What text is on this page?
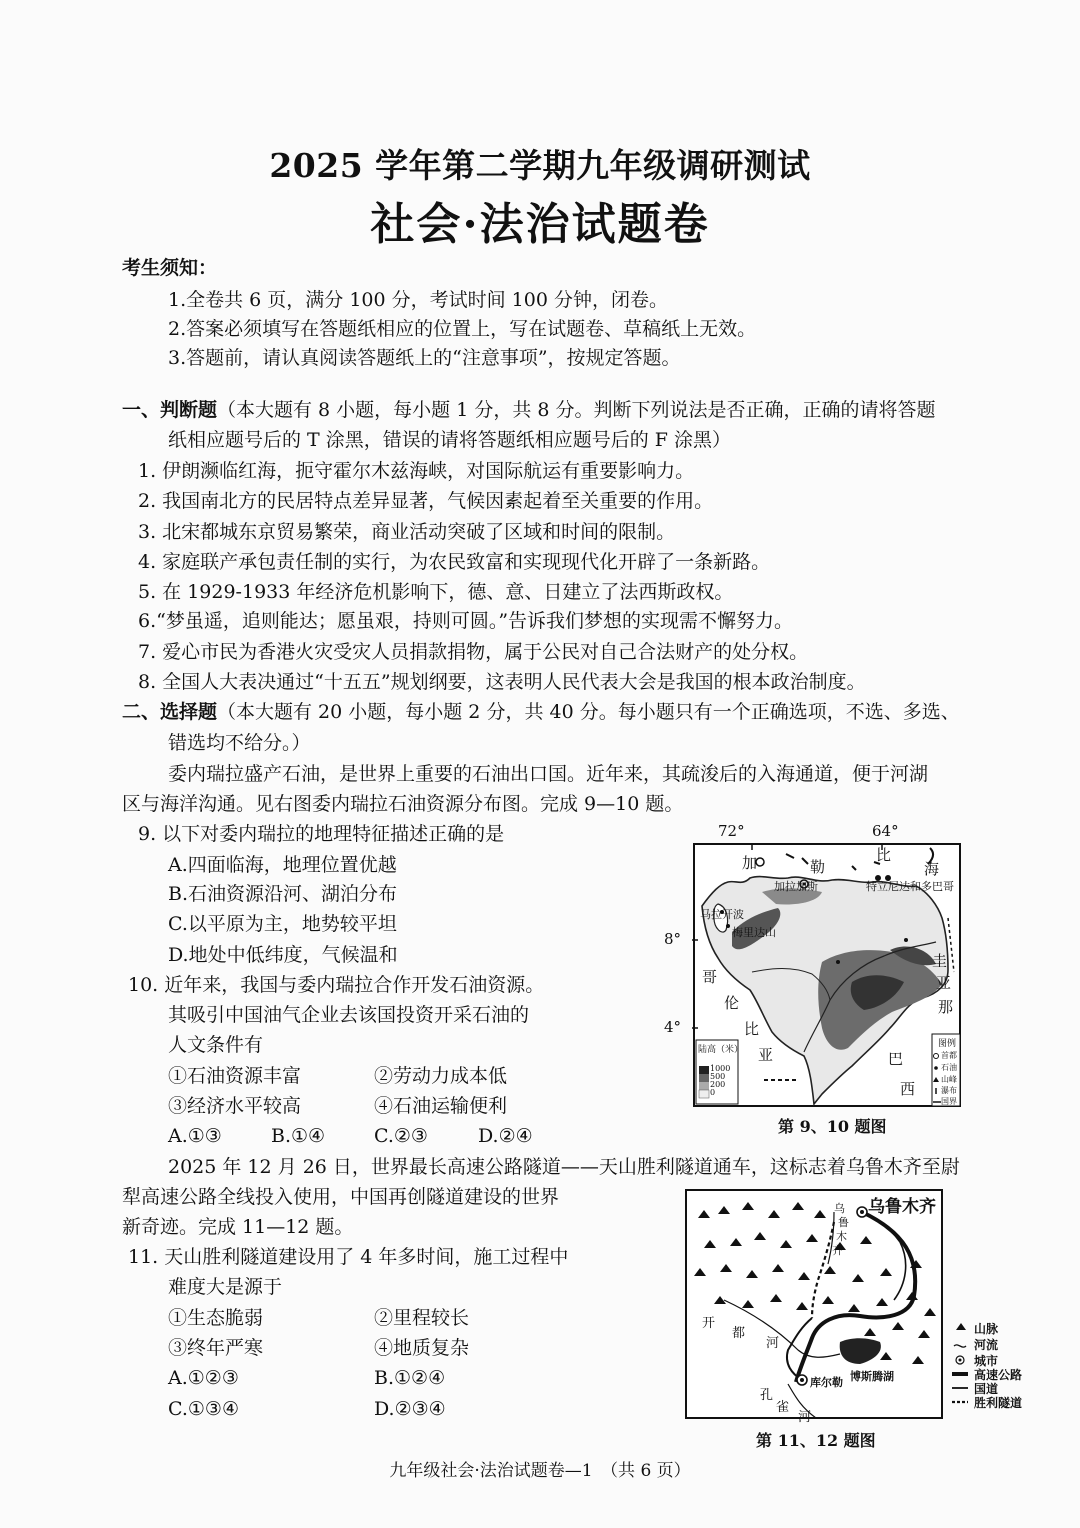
2025 学年第二学期九年级调研测试
社会·法治试题卷
考生须知：
1.全卷共 6 页，满分 100 分，考试时间 100 分钟，闭卷。
2.答案必须填写在答题纸相应的位置上，写在试题卷、草稿纸上无效。
3.答题前，请认真阅读答题纸上的“注意事项”，按规定答题。
一、判断题（本大题有 8 小题，每小题 1 分，共 8 分。判断下列说法是否正确，正确的请将答题
纸相应题号后的 T 涂黑，错误的请将答题纸相应题号后的 F 涂黑）
1. 伊朗濒临红海，扼守霍尔木兹海峡，对国际航运有重要影响力。
2. 我国南北方的民居特点差异显著，气候因素起着至关重要的作用。
3. 北宋都城东京贸易繁荣，商业活动突破了区域和时间的限制。
4. 家庭联产承包责任制的实行，为农民致富和实现现代化开辟了一条新路。
5. 在 1929-1933 年经济危机影响下，德、意、日建立了法西斯政权。
6.“梦虽遥，追则能达；愿虽艰，持则可圆。”告诉我们梦想的实现需不懈努力。
7. 爱心市民为香港火灾受灾人员捐款捐物，属于公民对自己合法财产的处分权。
8. 全国人大表决通过“十五五”规划纲要，这表明人民代表大会是我国的根本政治制度。
二、选择题（本大题有 20 小题，每小题 2 分，共 40 分。每小题只有一个正确选项，不选、多选、
错选均不给分。）
委内瑞拉盛产石油，是世界上重要的石油出口国。近年来，其疏浚后的入海通道，便于河湖
区与海洋沟通。见右图委内瑞拉石油资源分布图。完成 9—10 题。
9. 以下对委内瑞拉的地理特征描述正确的是
A.四面临海，地理位置优越
B.石油资源沿河、湖泊分布
C.以平原为主，地势较平坦
D.地处中低纬度，气候温和
10. 近年来，我国与委内瑞拉合作开发石油资源。
其吸引中国油气企业去该国投资开采石油的
人文条件有
①石油资源丰富	②劳动力成本低
③经济水平较高	④石油运输便利
A.①③	B.①④	C.②③	D.②④
2025 年 12 月 26 日，世界最长高速公路隧道——天山胜利隧道通车，这标志着乌鲁木齐至尉
犁高速公路全线投入使用，中国再创隧道建设的世界
新奇迹。完成 11—12 题。
11. 天山胜利隧道建设用了 4 年多时间，施工过程中
难度大是源于
①生态脆弱	②里程较长
③终年严寒	④地质复杂
A.①②③	B.①②④
C.①③④	D.②③④
72°	64°
8°
4°
加	勒
比
海
加拉加斯	特立尼达和多巴哥
马拉开波
梅里达山
哥
伦
比
亚
圭
亚
那
巴
西
陆高（米）
1000
500
200
0
图例
首都
石油
山峰
瀑布
国界
第 9、10 题图
乌鲁木齐
乌
鲁
木
齐
开
都
河
博斯腾湖
库尔勒
孔
雀
河
山脉
河流
城市
高速公路
国道
胜利隧道
第 11、12 题图
九年级社会·法治试题卷—1　（共 6 页）
